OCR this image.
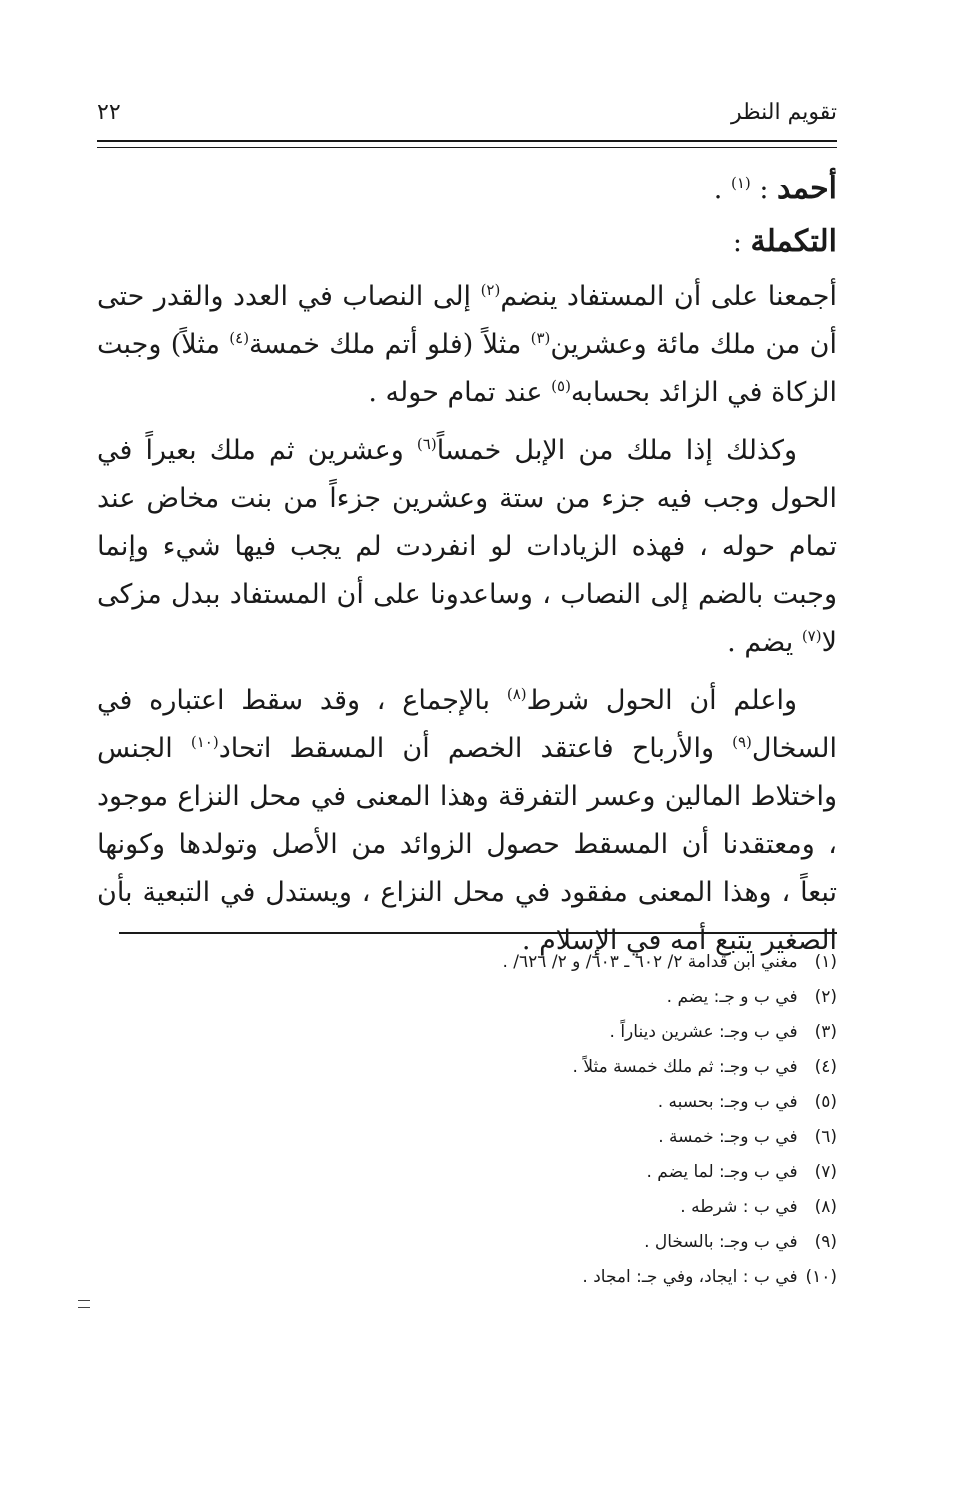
تقويم النظر
٢٢

أحمد : $^{(١)}$ .

التكملة :

أجمعنا على أن المستفاد ينضم$^{(٢)}$ إلى النصاب في العدد والقدر حتى أن من ملك مائة وعشرين$^{(٣)}$ مثلاً (فلو أتم ملك خمسة$^{(٤)}$ مثلاً) وجبت الزكاة في الزائد بحسابه$^{(٥)}$ عند تمام حوله .

وكذلك إذا ملك من الإبل خمساً$^{(٦)}$ وعشرين ثم ملك بعيراً في الحول وجب فيه جزء من ستة وعشرين جزءاً من بنت مخاض عند تمام حوله ، فهذه الزيادات لو انفردت لم يجب فيها شيء وإنما وجبت بالضم إلى النصاب ، وساعدونا على أن المستفاد ببدل مزكى لا$^{(٧)}$ يضم .

واعلم أن الحول شرط$^{(٨)}$ بالإجماع ، وقد سقط اعتباره في السخال$^{(٩)}$ والأرباح فاعتقد الخصم أن المسقط اتحاد$^{(١٠)}$ الجنس واختلاط المالين وعسر التفرقة وهذا المعنى في محل النزاع موجود ، ومعتقدنا أن المسقط حصول الزوائد من الأصل وتولدها وكونها تبعاً ، وهذا المعنى مفقود في محل النزاع ، ويستدل في التبعية بأن الصغير يتبع أمه في الإسلام .

(١) مغني ابن قدامة ٢/ ٦٠٢ ـ ٦٠٣/ و ٢/ ٦٢٦/ .
(٢) في ب و جـ: يضم .
(٣) في ب وجـ: عشرين ديناراً .
(٤) في ب وجـ: ثم ملك خمسة مثلاً .
(٥) في ب وجـ: بحسبه .
(٦) في ب وجـ: خمسة .
(٧) في ب وجـ: لما يضم .
(٨) في ب : شرطه .
(٩) في ب وجـ: بالسخال .
(١٠) في ب : ايجاد، وفي جـ: امجاد .
